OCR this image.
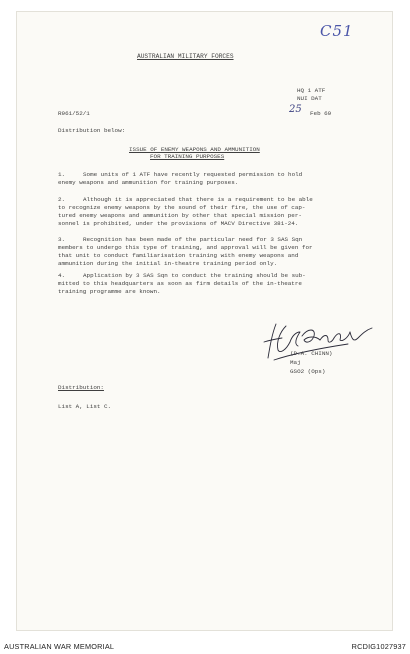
AUSTRALIAN MILITARY FORCES
C51
HQ 1 ATF
NUI DAT
25 Feb 69
R961/52/1
Distribution below:
ISSUE OF ENEMY WEAPONS AND AMMUNITION
FOR TRAINING PURPOSES
1.	Some units of 1 ATF have recently requested permission to hold
enemy weapons and ammunition for training purposes.
2.	Although it is appreciated that there is a requirement to be able
to recognize enemy weapons by the sound of their fire, the use of cap-
tured enemy weapons and ammunition by other that special mission per-
sonnel is prohibited, under the provisions of MACV Directive 381-24.
3.	Recognition has been made of the particular need for 3 SAS Sqn
members to undergo this type of training, and approval will be given for
that unit to conduct familiarisation training with enemy weapons and
ammunition during the initial in-theatre training period only.
4.	Application by 3 SAS Sqn to conduct the training should be sub-
mitted to this headquarters as soon as firm details of the in-theatre
training programme are known.
(D.A. CHINN)
Maj
GSO2 (Ops)
Distribution:
List A, List C.
AUSTRALIAN WAR MEMORIAL	RCDIG1027937
